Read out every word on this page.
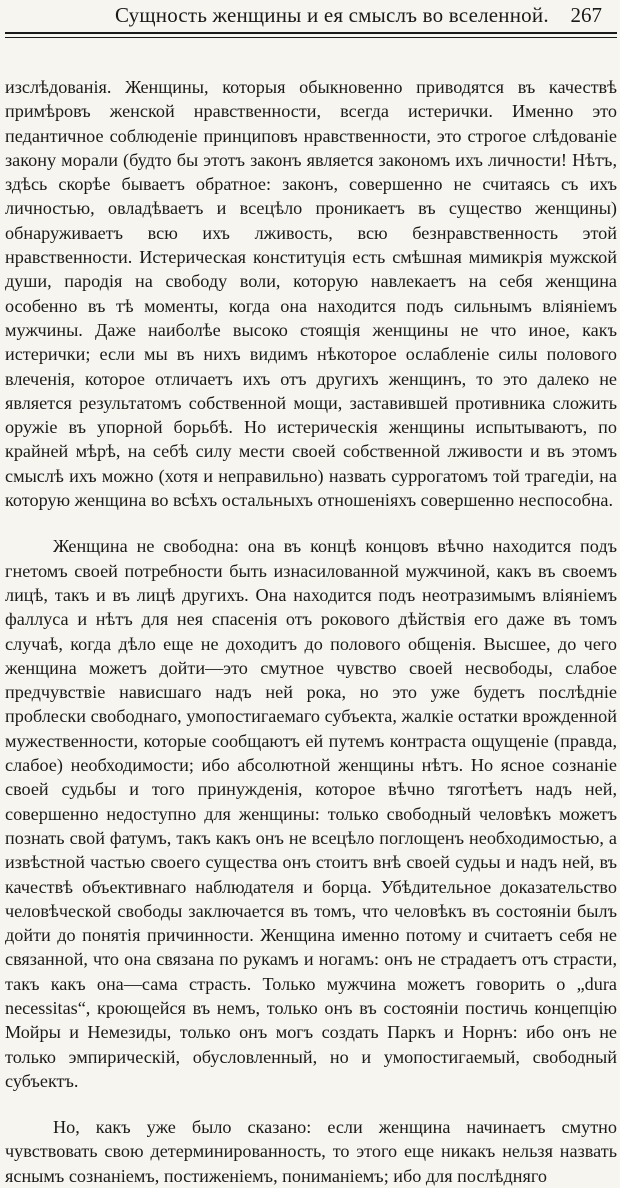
Сущность женщины и ея смыслъ во вселенной. 267

изслѣдованія. Женщины, которыя обыкновенно приводятся въ качествѣ примѣровъ женской нравственности, всегда истерички. Именно это педантичное соблюденіе принциповъ нравственности, это строгое слѣдованіе закону морали (будто бы этотъ законъ является закономъ ихъ личности! Нѣтъ, здѣсь скорѣе бываетъ обратное: законъ, совершенно не считаясь съ ихъ личностью, овладѣваетъ и всецѣло проникаетъ въ существо женщины) обнаруживаетъ всю ихъ лживость, всю безнравственность этой нравственности. Истерическая конституція есть смѣшная мимикрія мужской души, пародія на свободу воли, которую навлекаетъ на себя женщина особенно въ тѣ моменты, когда она находится подъ сильнымъ вліяніемъ мужчины. Даже наиболѣе высоко стоящія женщины не что иное, какъ истерички; если мы въ нихъ видимъ нѣкоторое ослабленіе силы полового влеченія, которое отличаетъ ихъ отъ другихъ женщинъ, то это далеко не является результатомъ собственной мощи, заставившей противника сложить оружіе въ упорной борьбѣ. Но истерическія женщины испытываютъ, по крайней мѣрѣ, на себѣ силу мести своей собственной лживости и въ этомъ смыслѣ ихъ можно (хотя и неправильно) назвать суррогатомъ той трагедіи, на которую женщина во всѣхъ остальныхъ отношеніяхъ совершенно неспособна.

Женщина не свободна: она въ концѣ концовъ вѣчно находится подъ гнетомъ своей потребности быть изнасилованной мужчиной, какъ въ своемъ лицѣ, такъ и въ лицѣ другихъ. Она находится подъ неотразимымъ вліяніемъ фаллуса и нѣтъ для нея спасенія отъ рокового дѣйствія его даже въ томъ случаѣ, когда дѣло еще не доходитъ до полового общенія. Высшее, до чего женщина можетъ дойти—это смутное чувство своей несвободы, слабое предчувствіе нависшаго надъ ней рока, но это уже будетъ послѣдніе проблески свободнаго, умопостигаемаго субъекта, жалкіе остатки врожденной мужественности, которые сообщаютъ ей путемъ контраста ощущеніе (правда, слабое) необходимости; ибо абсолютной женщины нѣтъ. Но ясное сознаніе своей судьбы и того принужденія, которое вѣчно тяготѣетъ надъ ней, совершенно недоступно для женщины: только свободный человѣкъ можетъ познать свой фатумъ, такъ какъ онъ не всецѣло поглощенъ необходимостью, а извѣстной частью своего существа онъ стоитъ внѣ своей судьы и надъ ней, въ качествѣ объективнаго наблюдателя и борца. Убѣдительное доказательство человѣческой свободы заключается въ томъ, что человѣкъ въ состояніи былъ дойти до понятія причинности. Женщина именно потому и считаетъ себя не связанной, что она связана по рукамъ и ногамъ: онъ не страдаетъ отъ страсти, такъ какъ она—сама страсть. Только мужчина можетъ говорить о „dura necessitas“, кроющейся въ немъ, только онъ въ состояніи постичь концепцію Мойры и Немезиды, только онъ могъ создать Паркъ и Норнъ: ибо онъ не только эмпирическій, обусловленный, но и умопостигаемый, свободный субъектъ.

Но, какъ уже было сказано: если женщина начинаетъ смутно чувствовать свою детерминированность, то этого еще никакъ нельзя назвать яснымъ сознаніемъ, постиженіемъ, пониманіемъ; ибо для послѣдняго
